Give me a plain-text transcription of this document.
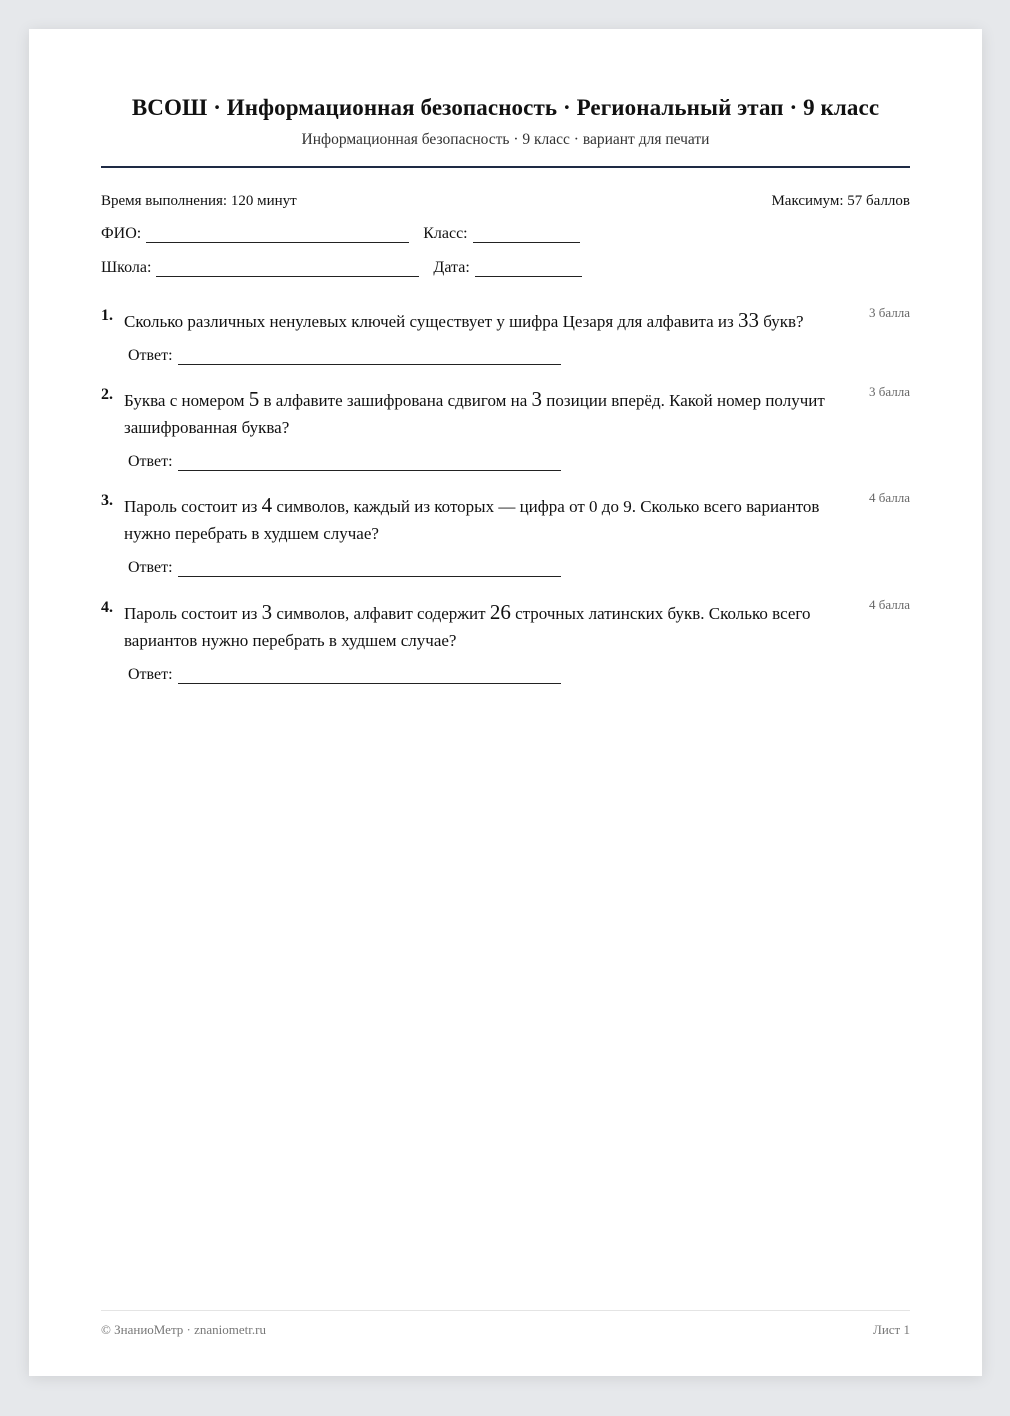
ВСОШ · Информационная безопасность · Региональный этап · 9 класс
Информационная безопасность · 9 класс · вариант для печати
Время выполнения: 120 минут	Максимум: 57 баллов
ФИО:	Класс:
Школа:	Дата:
1. Сколько различных ненулевых ключей существует у шифра Цезаря для алфавита из 33 букв?	3 балла
Ответ:
2. Буква с номером 5 в алфавите зашифрована сдвигом на 3 позиции вперёд. Какой номер получит зашифрованная буква?
3 балла
Ответ:
3. Пароль состоит из 4 символов, каждый из которых — цифра от 0 до 9. Сколько всего вариантов нужно перебрать в худшем случае?
4 балла
Ответ:
4. Пароль состоит из 3 символов, алфавит содержит 26 строчных латинских букв. Сколько всего вариантов нужно перебрать в худшем случае?
4 балла
Ответ:
© ЗнаниоМетр · znaniometr.ru	Лист 1
